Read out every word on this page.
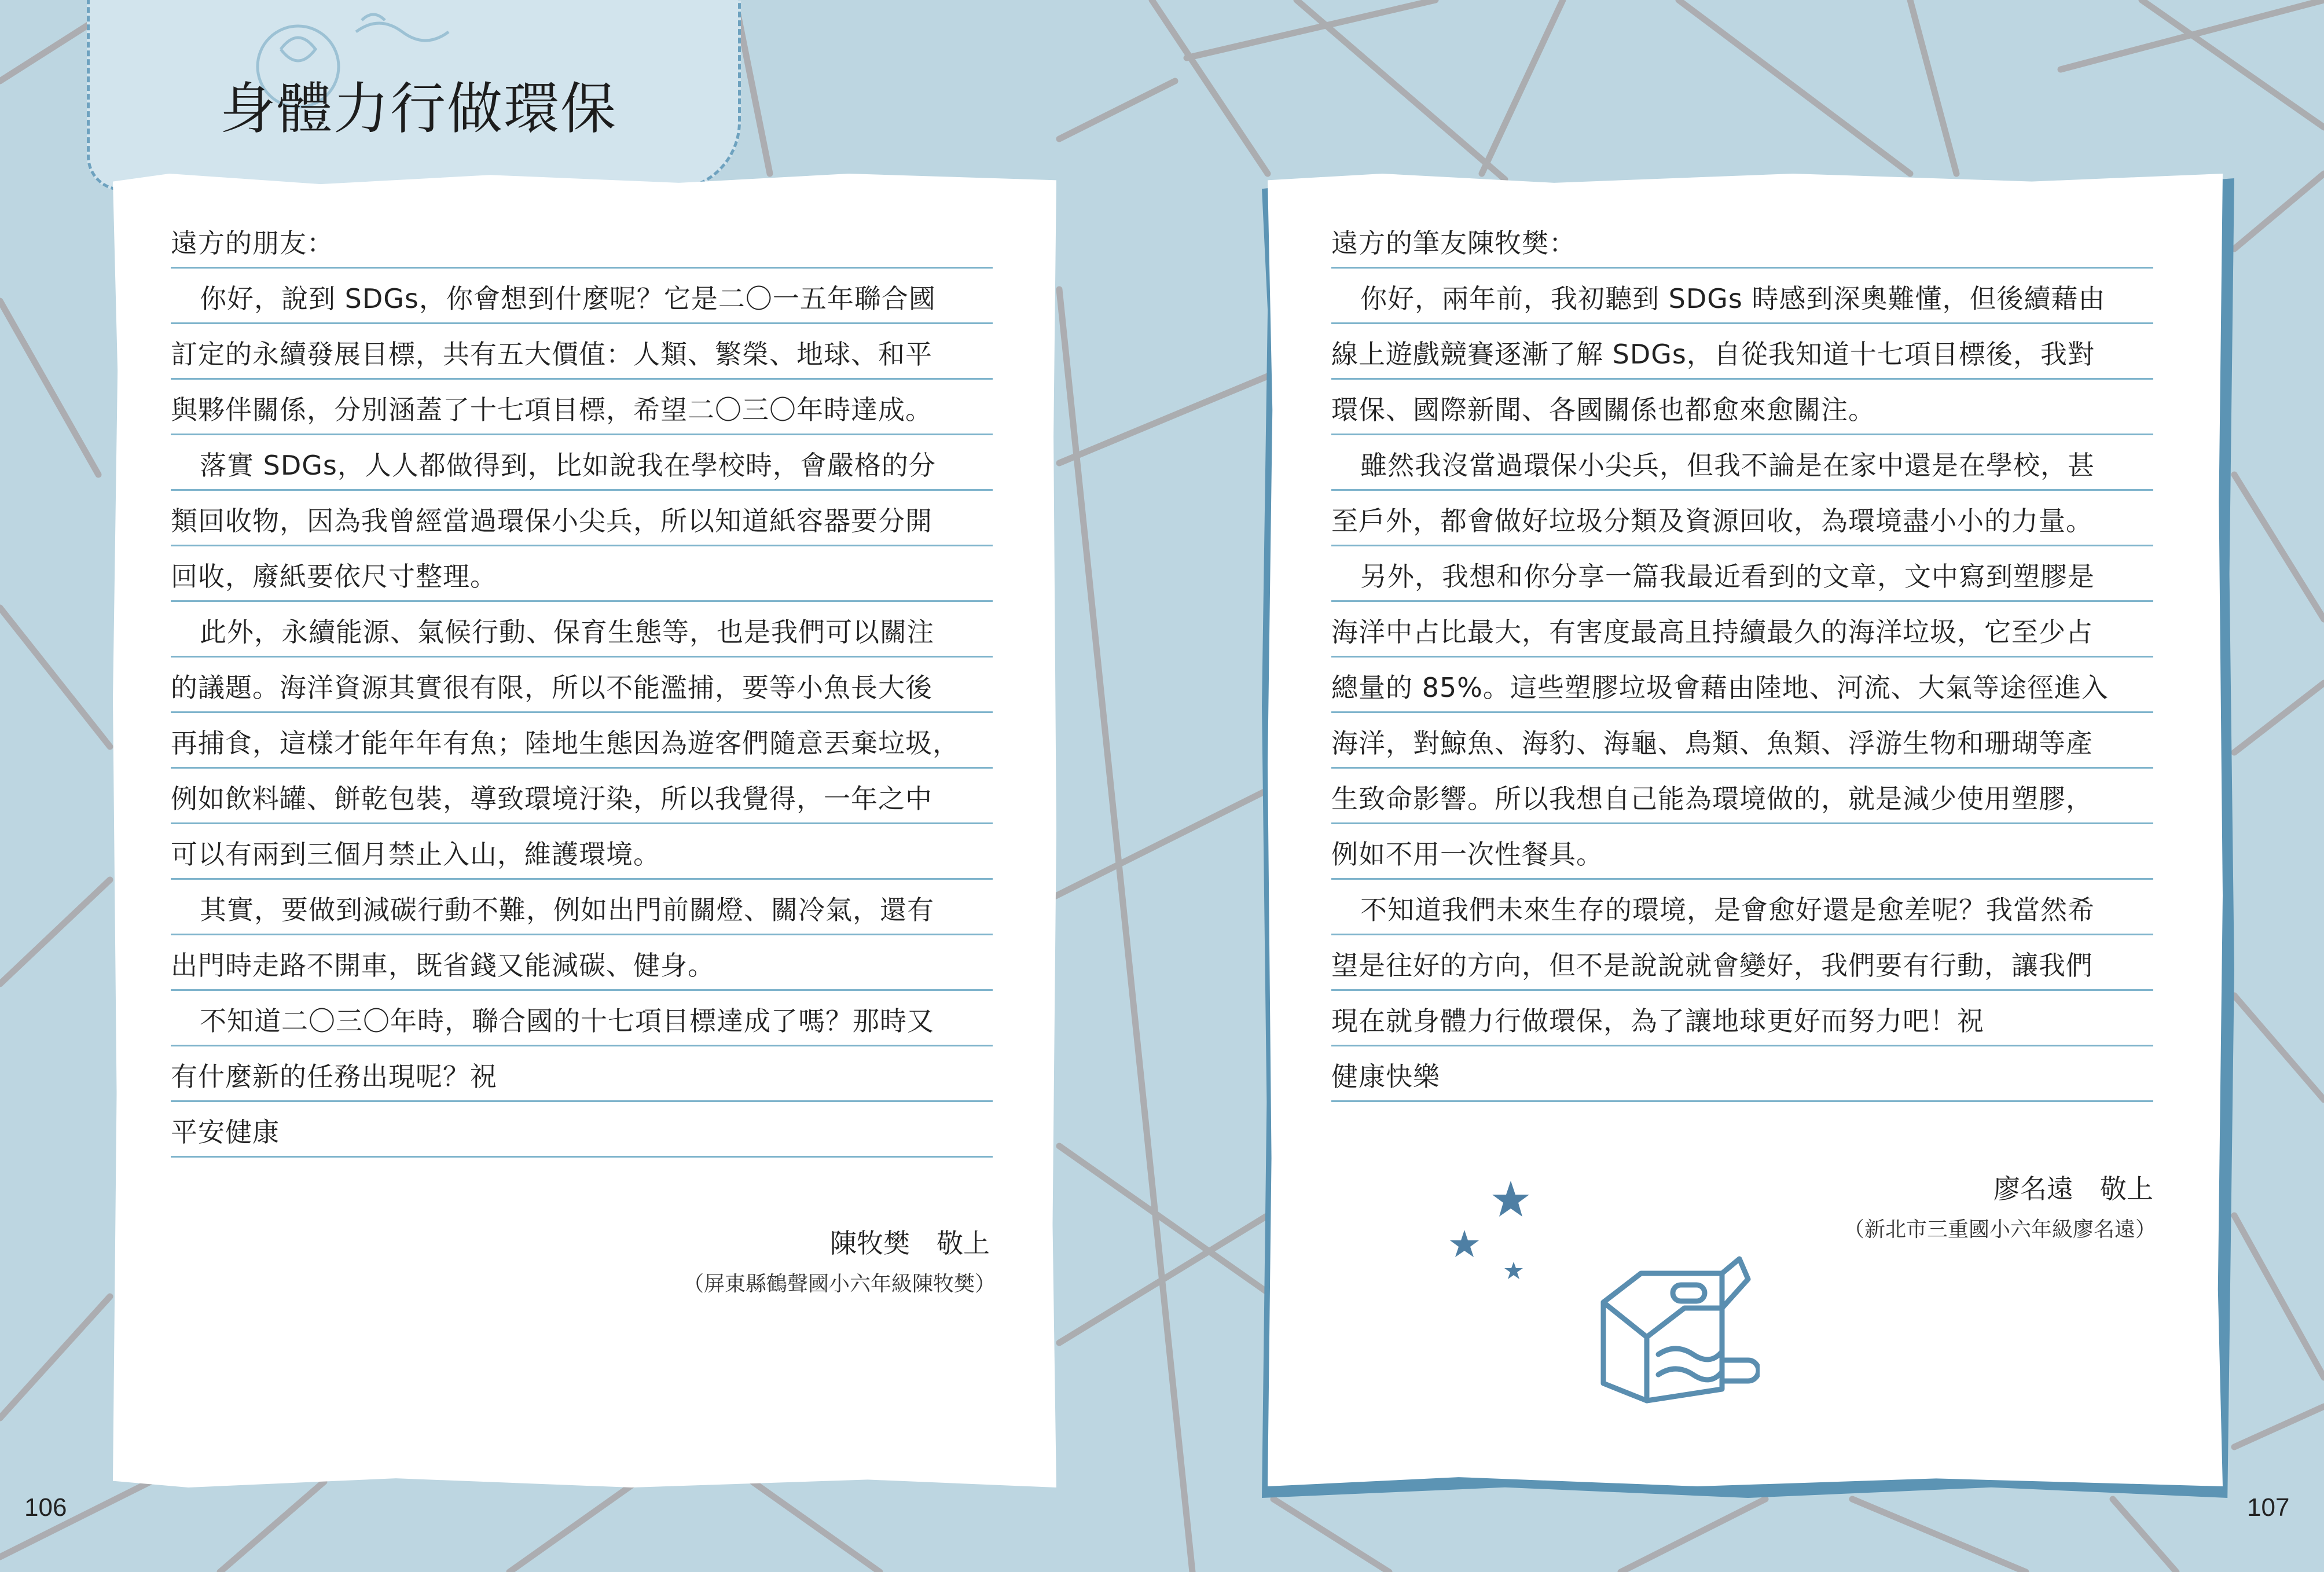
身體力行做環保
遠方的朋友：
你好，說到 SDGs，你會想到什麼呢？它是二〇一五年聯合國
訂定的永續發展目標，共有五大價值：人類、繁榮、地球、和平
與夥伴關係，分別涵蓋了十七項目標，希望二〇三〇年時達成。
落實 SDGs，人人都做得到，比如說我在學校時，會嚴格的分
類回收物，因為我曾經當過環保小尖兵，所以知道紙容器要分開
回收，廢紙要依尺寸整理。
此外，永續能源、氣候行動、保育生態等，也是我們可以關注
的議題。海洋資源其實很有限，所以不能濫捕，要等小魚長大後
再捕食，這樣才能年年有魚；陸地生態因為遊客們隨意丟棄垃圾，
例如飲料罐、餅乾包裝，導致環境汙染，所以我覺得，一年之中
可以有兩到三個月禁止入山，維護環境。
其實，要做到減碳行動不難，例如出門前關燈、關冷氣，還有
出門時走路不開車，既省錢又能減碳、健身。
不知道二〇三〇年時，聯合國的十七項目標達成了嗎？那時又
有什麼新的任務出現呢？祝
平安健康
陳牧樊　敬上
（屏東縣鶴聲國小六年級陳牧樊）
遠方的筆友陳牧樊：
你好，兩年前，我初聽到 SDGs 時感到深奧難懂，但後續藉由
線上遊戲競賽逐漸了解 SDGs，自從我知道十七項目標後，我對
環保、國際新聞、各國關係也都愈來愈關注。
雖然我沒當過環保小尖兵，但我不論是在家中還是在學校，甚
至戶外，都會做好垃圾分類及資源回收，為環境盡小小的力量。
另外，我想和你分享一篇我最近看到的文章，文中寫到塑膠是
海洋中占比最大，有害度最高且持續最久的海洋垃圾，它至少占
總量的 85%。這些塑膠垃圾會藉由陸地、河流、大氣等途徑進入
海洋，對鯨魚、海豹、海龜、鳥類、魚類、浮游生物和珊瑚等產
生致命影響。所以我想自己能為環境做的，就是減少使用塑膠，
例如不用一次性餐具。
不知道我們未來生存的環境，是會愈好還是愈差呢？我當然希
望是往好的方向，但不是說說就會變好，我們要有行動，讓我們
現在就身體力行做環保，為了讓地球更好而努力吧！祝
健康快樂
廖名遠　敬上
（新北市三重國小六年級廖名遠）
106	107
